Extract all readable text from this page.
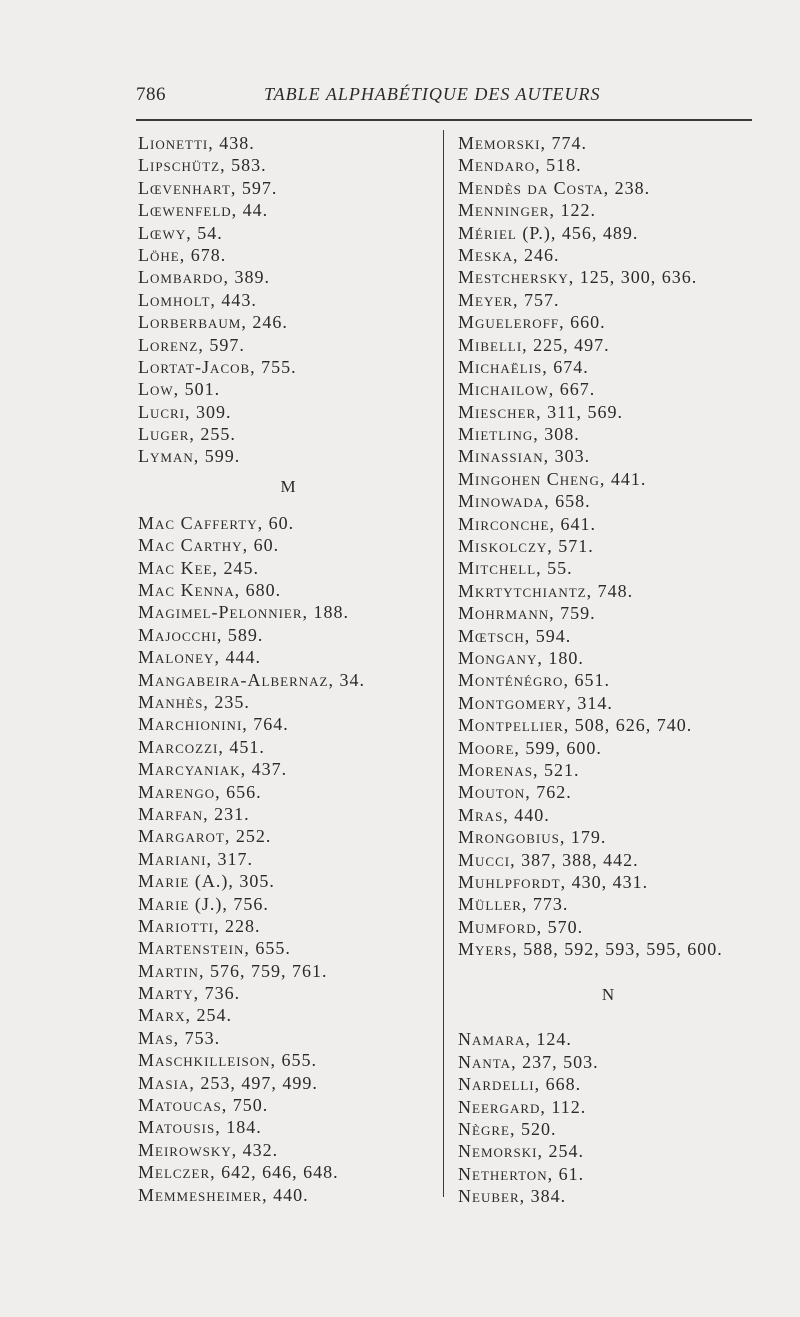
786	TABLE ALPHABÉTIQUE DES AUTEURS
Lionetti, 438.
Lipschütz, 583.
Lœvenhart, 597.
Lœwenfeld, 44.
Lœwy, 54.
Löhe, 678.
Lombardo, 389.
Lomholt, 443.
Lorberbaum, 246.
Lorenz, 597.
Lortat-Jacob, 755.
Low, 501.
Lucri, 309.
Luger, 255.
Lyman, 599.
M
Mac Cafferty, 60.
Mac Carthy, 60.
Mac Kee, 245.
Mac Kenna, 680.
Magimel-Pelonnier, 188.
Majocchi, 589.
Maloney, 444.
Mangabeira-Albernaz, 34.
Manhès, 235.
Marchionini, 764.
Marcozzi, 451.
Marcyaniak, 437.
Marengo, 656.
Marfan, 231.
Margarot, 252.
Mariani, 317.
Marie (A.), 305.
Marie (J.), 756.
Mariotti, 228.
Martenstein, 655.
Martin, 576, 759, 761.
Marty, 736.
Marx, 254.
Mas, 753.
Maschkilleison, 655.
Masia, 253, 497, 499.
Matoucas, 750.
Matousis, 184.
Meirowsky, 432.
Melczer, 642, 646, 648.
Memmesheimer, 440.
Memorski, 774.
Mendaro, 518.
Mendès da Costa, 238.
Menninger, 122.
Mériel (P.), 456, 489.
Meska, 246.
Mestchersky, 125, 300, 636.
Meyer, 757.
Mgueleroff, 660.
Mibelli, 225, 497.
Michaëlis, 674.
Michailow, 667.
Miescher, 311, 569.
Mietling, 308.
Minassian, 303.
Mingohen Cheng, 441.
Minowada, 658.
Mirconche, 641.
Miskolczy, 571.
Mitchell, 55.
Mkrtytchiantz, 748.
Mohrmann, 759.
Mœtsch, 594.
Mongany, 180.
Monténégro, 651.
Montgomery, 314.
Montpellier, 508, 626, 740.
Moore, 599, 600.
Morenas, 521.
Mouton, 762.
Mras, 440.
Mrongobius, 179.
Mucci, 387, 388, 442.
Muhlpfordt, 430, 431.
Müller, 773.
Mumford, 570.
Myers, 588, 592, 593, 595, 600.
N
Namara, 124.
Nanta, 237, 503.
Nardelli, 668.
Neergard, 112.
Nègre, 520.
Nemorski, 254.
Netherton, 61.
Neuber, 384.
